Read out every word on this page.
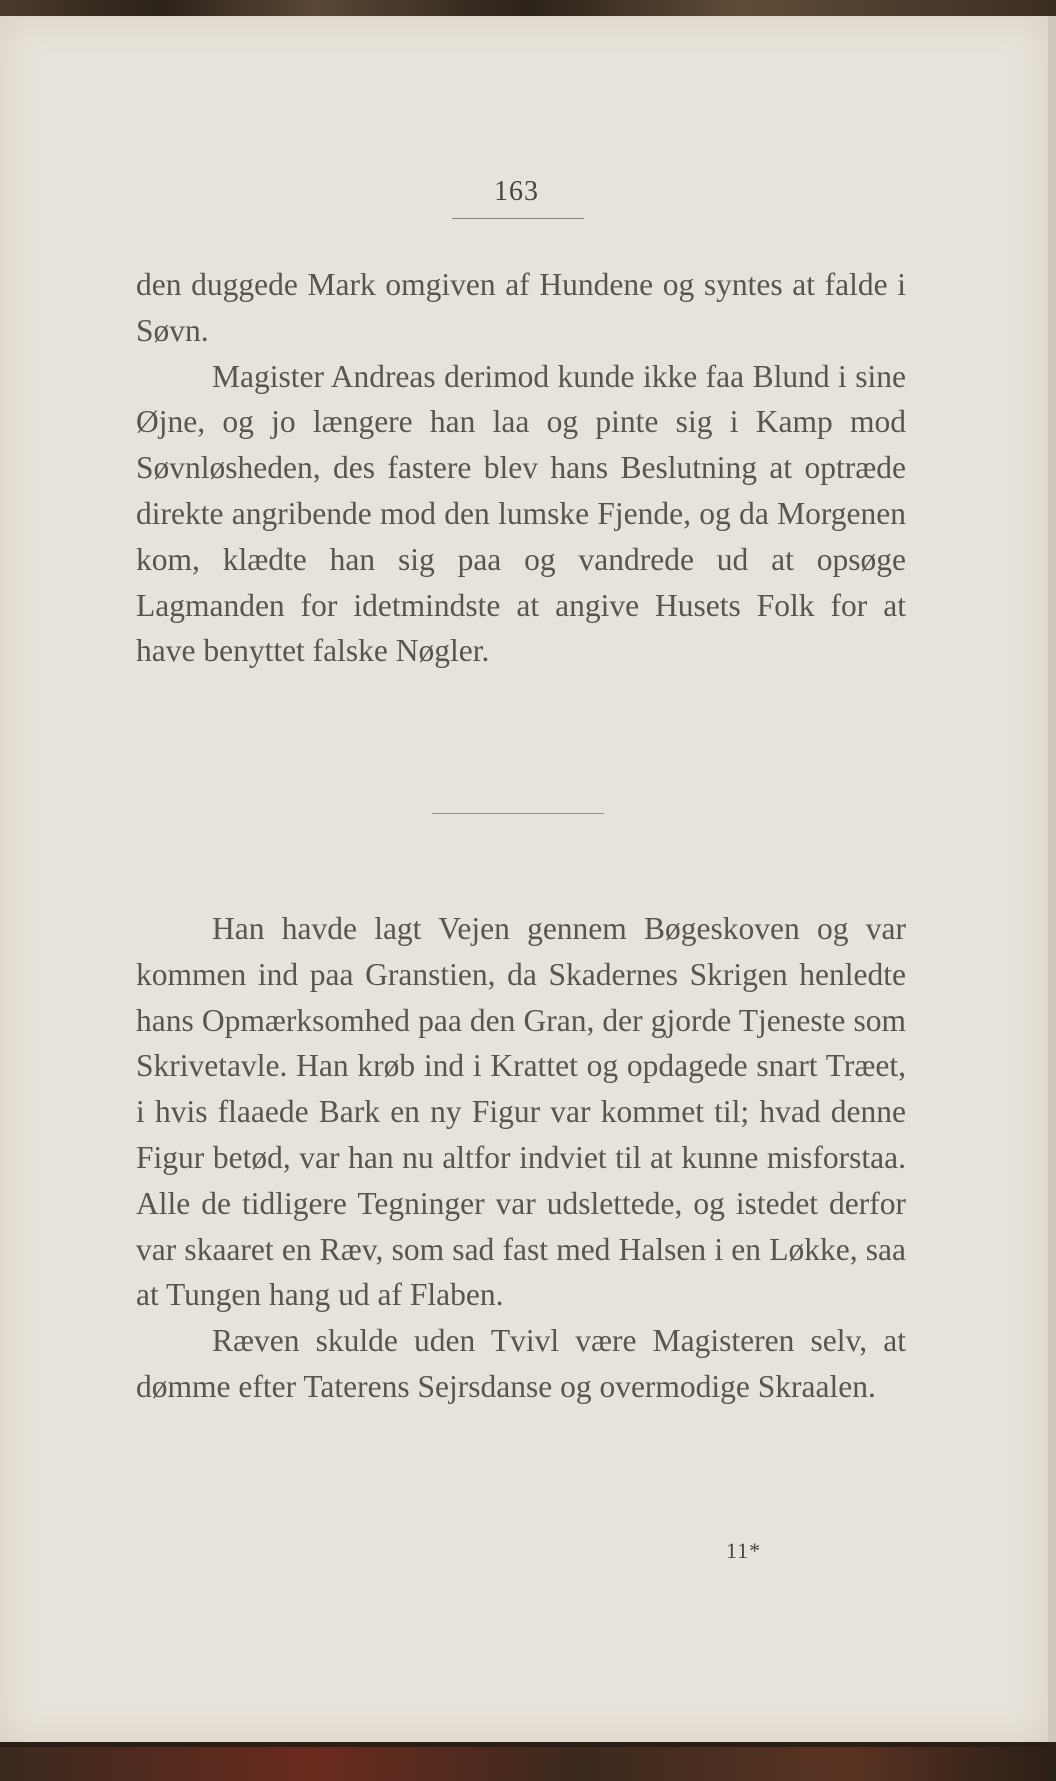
163

den duggede Mark omgiven af Hundene og syntes at falde i Søvn.

Magister Andreas derimod kunde ikke faa Blund i sine Øjne, og jo længere han laa og pinte sig i Kamp mod Søvnløsheden, des fastere blev hans Beslutning at optræde direkte angribende mod den lumske Fjende, og da Morgenen kom, klædte han sig paa og vandrede ud at opsøge Lagmanden for idetmindste at angive Husets Folk for at have benyttet falske Nøgler.

Han havde lagt Vejen gennem Bøgeskoven og var kommen ind paa Granstien, da Skadernes Skrigen henledte hans Opmærksomhed paa den Gran, der gjorde Tjeneste som Skrivetavle. Han krøb ind i Krattet og opdagede snart Træet, i hvis flaaede Bark en ny Figur var kommet til; hvad denne Figur betød, var han nu altfor indviet til at kunne misforstaa. Alle de tidligere Tegninger var udslettede, og istedet derfor var skaaret en Ræv, som sad fast med Halsen i en Løkke, saa at Tungen hang ud af Flaben.

Ræven skulde uden Tvivl være Magisteren selv, at dømme efter Taterens Sejrsdanse og overmodige Skraalen.

11*
